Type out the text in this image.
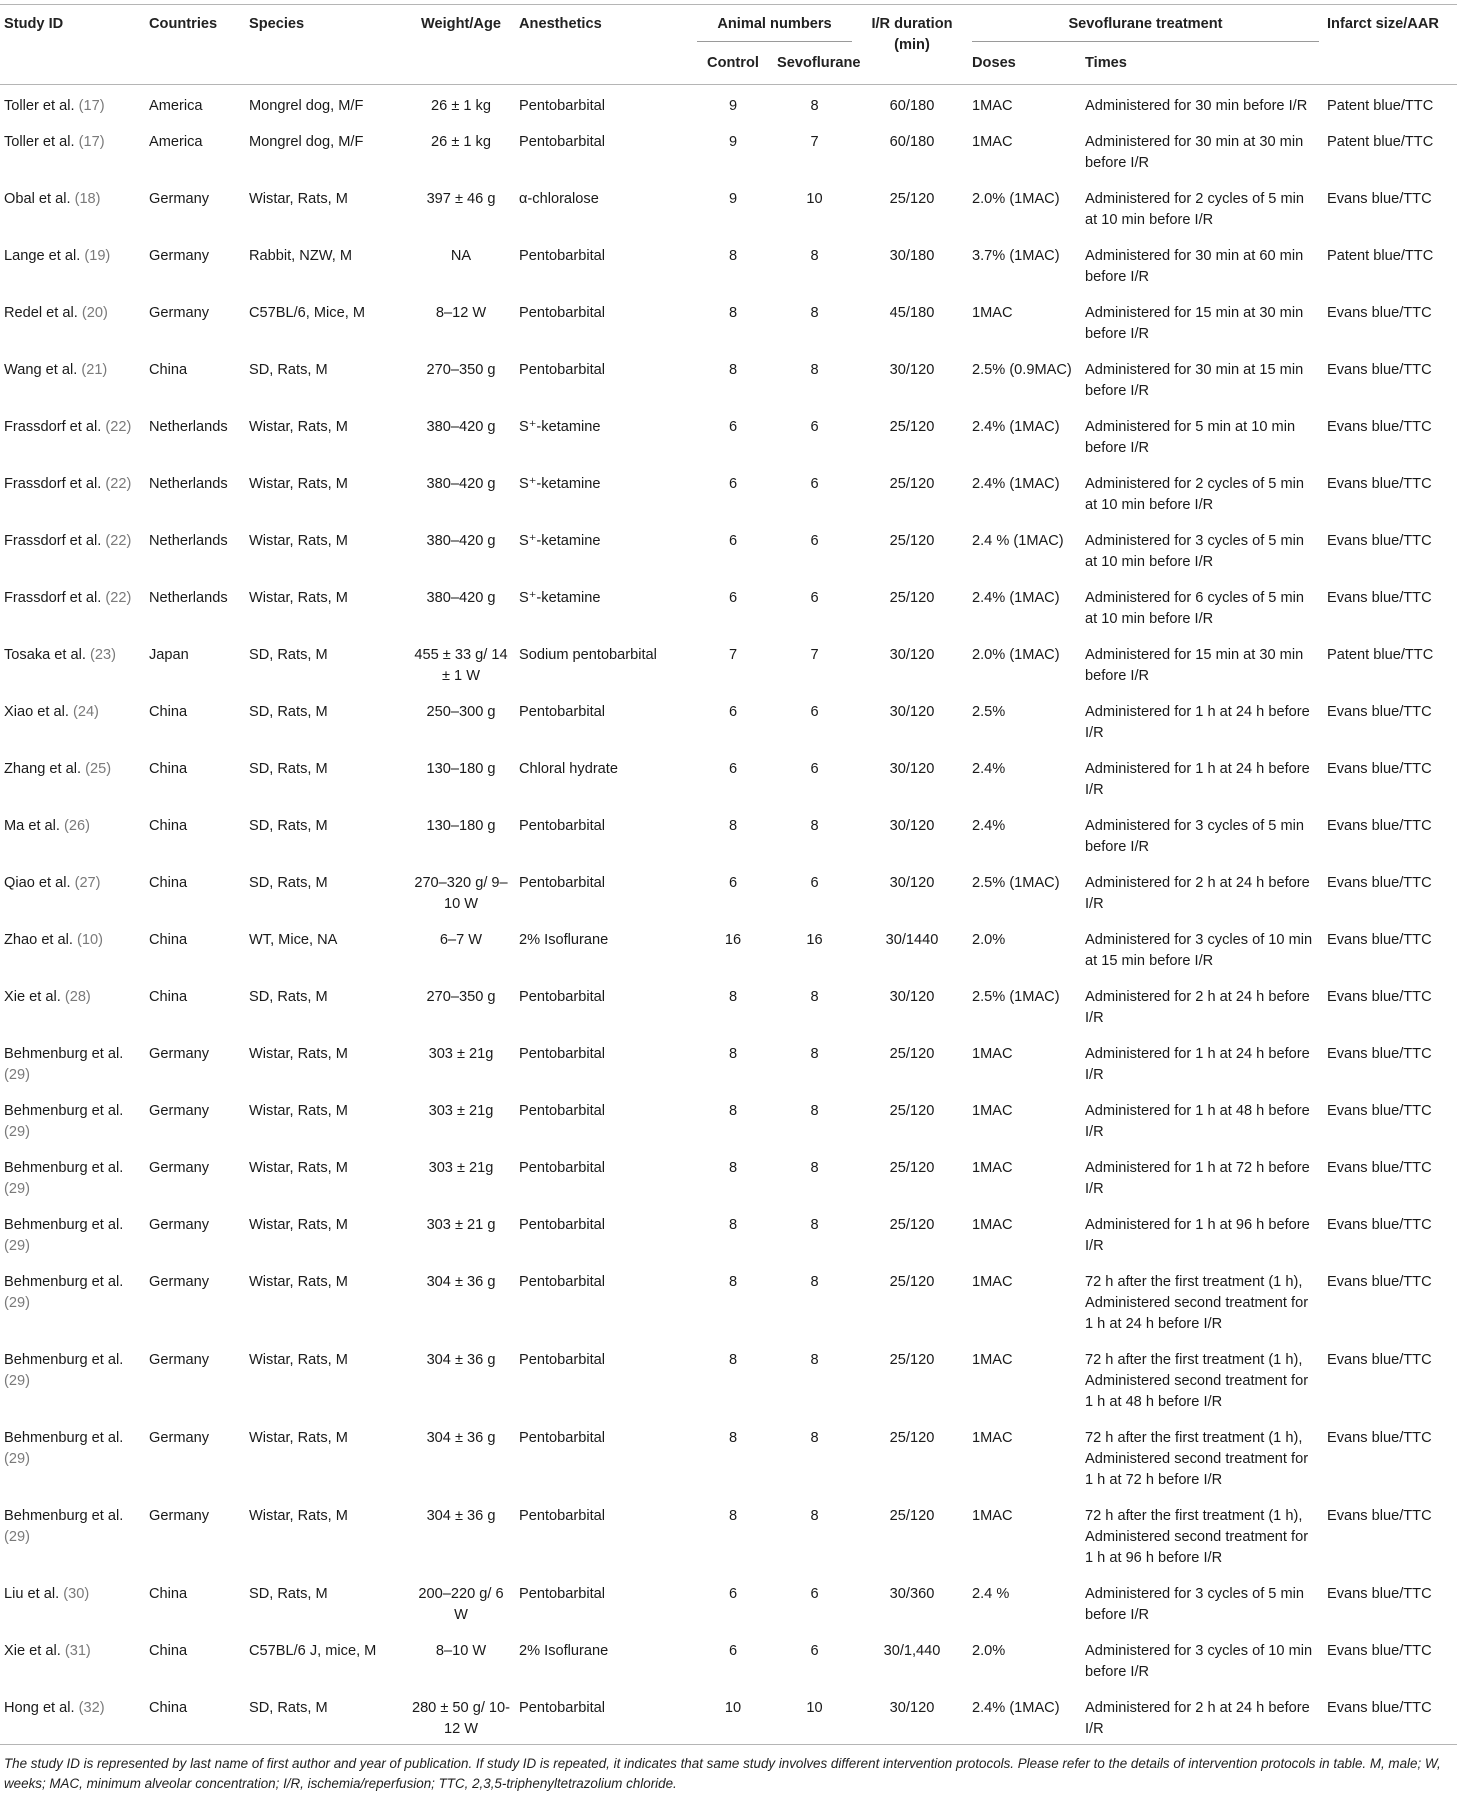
Study ID	Countries	Species	Weight/Age	Anesthetics	Animal numbers		I/R duration (min)	Sevoflurane treatment		Infarct size/AAR
					Control	Sevoflurane		Doses	Times	
Toller et al. (17)	America	Mongrel dog, M/F	26 ± 1 kg	Pentobarbital	9	8	60/180	1MAC	Administered for 30 min before I/R	Patent blue/TTC
Toller et al. (17)	America	Mongrel dog, M/F	26 ± 1 kg	Pentobarbital	9	7	60/180	1MAC	Administered for 30 min at 30 min before I/R	Patent blue/TTC
Obal et al. (18)	Germany	Wistar, Rats, M	397 ± 46 g	α-chloralose	9	10	25/120	2.0% (1MAC)	Administered for 2 cycles of 5 min at 10 min before I/R	Evans blue/TTC
Lange et al. (19)	Germany	Rabbit, NZW, M	NA	Pentobarbital	8	8	30/180	3.7% (1MAC)	Administered for 30 min at 60 min before I/R	Patent blue/TTC
Redel et al. (20)	Germany	C57BL/6, Mice, M	8–12 W	Pentobarbital	8	8	45/180	1MAC	Administered for 15 min at 30 min before I/R	Evans blue/TTC
Wang et al. (21)	China	SD, Rats, M	270–350 g	Pentobarbital	8	8	30/120	2.5% (0.9MAC)	Administered for 30 min at 15 min before I/R	Evans blue/TTC
Frassdorf et al. (22)	Netherlands	Wistar, Rats, M	380–420 g	S⁺-ketamine	6	6	25/120	2.4% (1MAC)	Administered for 5 min at 10 min before I/R	Evans blue/TTC
Frassdorf et al. (22)	Netherlands	Wistar, Rats, M	380–420 g	S⁺-ketamine	6	6	25/120	2.4% (1MAC)	Administered for 2 cycles of 5 min at 10 min before I/R	Evans blue/TTC
Frassdorf et al. (22)	Netherlands	Wistar, Rats, M	380–420 g	S⁺-ketamine	6	6	25/120	2.4 % (1MAC)	Administered for 3 cycles of 5 min at 10 min before I/R	Evans blue/TTC
Frassdorf et al. (22)	Netherlands	Wistar, Rats, M	380–420 g	S⁺-ketamine	6	6	25/120	2.4% (1MAC)	Administered for 6 cycles of 5 min at 10 min before I/R	Evans blue/TTC
Tosaka et al. (23)	Japan	SD, Rats, M	455 ± 33 g/ 14 ± 1 W	Sodium pentobarbital	7	7	30/120	2.0% (1MAC)	Administered for 15 min at 30 min before I/R	Patent blue/TTC
Xiao et al. (24)	China	SD, Rats, M	250–300 g	Pentobarbital	6	6	30/120	2.5%	Administered for 1 h at 24 h before I/R	Evans blue/TTC
Zhang et al. (25)	China	SD, Rats, M	130–180 g	Chloral hydrate	6	6	30/120	2.4%	Administered for 1 h at 24 h before I/R	Evans blue/TTC
Ma et al. (26)	China	SD, Rats, M	130–180 g	Pentobarbital	8	8	30/120	2.4%	Administered for 3 cycles of 5 min before I/R	Evans blue/TTC
Qiao et al. (27)	China	SD, Rats, M	270–320 g/ 9–10 W	Pentobarbital	6	6	30/120	2.5% (1MAC)	Administered for 2 h at 24 h before I/R	Evans blue/TTC
Zhao et al. (10)	China	WT, Mice, NA	6–7 W	2% Isoflurane	16	16	30/1440	2.0%	Administered for 3 cycles of 10 min at 15 min before I/R	Evans blue/TTC
Xie et al. (28)	China	SD, Rats, M	270–350 g	Pentobarbital	8	8	30/120	2.5% (1MAC)	Administered for 2 h at 24 h before I/R	Evans blue/TTC
Behmenburg et al. (29)	Germany	Wistar, Rats, M	303 ± 21g	Pentobarbital	8	8	25/120	1MAC	Administered for 1 h at 24 h before I/R	Evans blue/TTC
Behmenburg et al. (29)	Germany	Wistar, Rats, M	303 ± 21g	Pentobarbital	8	8	25/120	1MAC	Administered for 1 h at 48 h before I/R	Evans blue/TTC
Behmenburg et al. (29)	Germany	Wistar, Rats, M	303 ± 21g	Pentobarbital	8	8	25/120	1MAC	Administered for 1 h at 72 h before I/R	Evans blue/TTC
Behmenburg et al. (29)	Germany	Wistar, Rats, M	303 ± 21 g	Pentobarbital	8	8	25/120	1MAC	Administered for 1 h at 96 h before I/R	Evans blue/TTC
Behmenburg et al. (29)	Germany	Wistar, Rats, M	304 ± 36 g	Pentobarbital	8	8	25/120	1MAC	72 h after the first treatment (1 h), Administered second treatment for 1 h at 24 h before I/R	Evans blue/TTC
Behmenburg et al. (29)	Germany	Wistar, Rats, M	304 ± 36 g	Pentobarbital	8	8	25/120	1MAC	72 h after the first treatment (1 h), Administered second treatment for 1 h at 48 h before I/R	Evans blue/TTC
Behmenburg et al. (29)	Germany	Wistar, Rats, M	304 ± 36 g	Pentobarbital	8	8	25/120	1MAC	72 h after the first treatment (1 h), Administered second treatment for 1 h at 72 h before I/R	Evans blue/TTC
Behmenburg et al. (29)	Germany	Wistar, Rats, M	304 ± 36 g	Pentobarbital	8	8	25/120	1MAC	72 h after the first treatment (1 h), Administered second treatment for 1 h at 96 h before I/R	Evans blue/TTC
Liu et al. (30)	China	SD, Rats, M	200–220 g/ 6 W	Pentobarbital	6	6	30/360	2.4 %	Administered for 3 cycles of 5 min before I/R	Evans blue/TTC
Xie et al. (31)	China	C57BL/6 J, mice, M	8–10 W	2% Isoflurane	6	6	30/1,440	2.0%	Administered for 3 cycles of 10 min before I/R	Evans blue/TTC
Hong et al. (32)	China	SD, Rats, M	280 ± 50 g/ 10-12 W	Pentobarbital	10	10	30/120	2.4% (1MAC)	Administered for 2 h at 24 h before I/R	Evans blue/TTC
The study ID is represented by last name of first author and year of publication. If study ID is repeated, it indicates that same study involves different intervention protocols. Please refer to the details of intervention protocols in table. M, male; W, weeks; MAC, minimum alveolar concentration; I/R, ischemia/reperfusion; TTC, 2,3,5-triphenyltetrazolium chloride.										
